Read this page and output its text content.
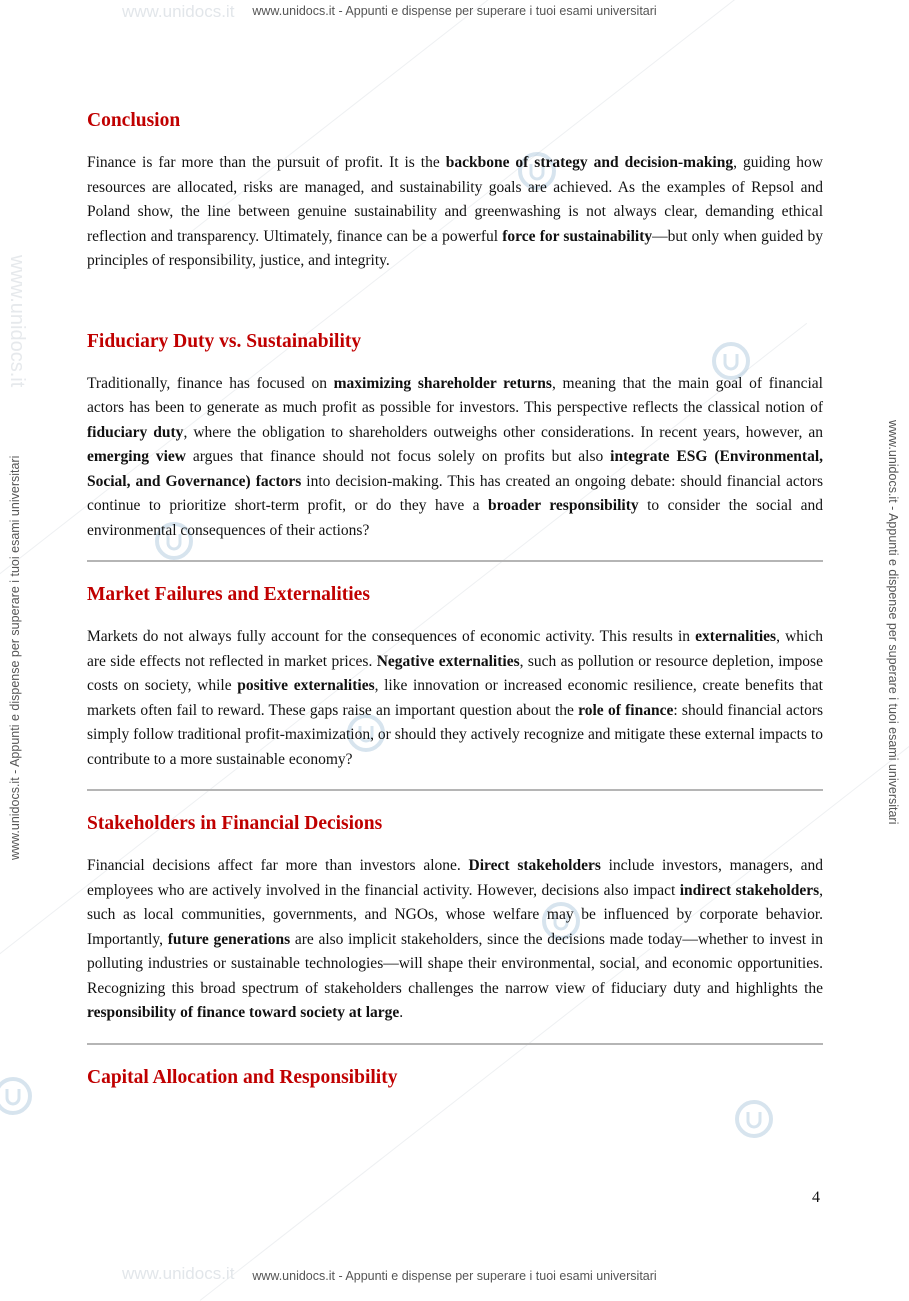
www.unidocs.it
www.unidocs.it
www.unidocs.it
www.unidocs.it - Appunti e dispense per superare i tuoi esami universitari
www.unidocs.it - Appunti e dispense per superare i tuoi esami universitari
www.unidocs.it - Appunti e dispense per superare i tuoi esami universitari	www.unidocs.it - Appunti e dispense per superare i tuoi esami universitari
Conclusion

Finance is far more than the pursuit of profit. It is the backbone of strategy and decision-making, guiding how resources are allocated, risks are managed, and sustainability goals are achieved. As the examples of Repsol and Poland show, the line between genuine sustainability and greenwashing is not always clear, demanding ethical reflection and transparency. Ultimately, finance can be a powerful force for sustainability—but only when guided by principles of responsibility, justice, and integrity.

Fiduciary Duty vs. Sustainability

Traditionally, finance has focused on maximizing shareholder returns, meaning that the main goal of financial actors has been to generate as much profit as possible for investors. This perspective reflects the classical notion of fiduciary duty, where the obligation to shareholders outweighs other considerations. In recent years, however, an emerging view argues that finance should not focus solely on profits but also integrate ESG (Environmental, Social, and Governance) factors into decision-making. This has created an ongoing debate: should financial actors continue to prioritize short-term profit, or do they have a broader responsibility to consider the social and environmental consequences of their actions?

Market Failures and Externalities

Markets do not always fully account for the consequences of economic activity. This results in externalities, which are side effects not reflected in market prices. Negative externalities, such as pollution or resource depletion, impose costs on society, while positive externalities, like innovation or increased economic resilience, create benefits that markets often fail to reward. These gaps raise an important question about the role of finance: should financial actors simply follow traditional profit-maximization, or should they actively recognize and mitigate these external impacts to contribute to a more sustainable economy?

Stakeholders in Financial Decisions

Financial decisions affect far more than investors alone. Direct stakeholders include investors, managers, and employees who are actively involved in the financial activity. However, decisions also impact indirect stakeholders, such as local communities, governments, and NGOs, whose welfare may be influenced by corporate behavior. Importantly, future generations are also implicit stakeholders, since the decisions made today—whether to invest in polluting industries or sustainable technologies—will shape their environmental, social, and economic opportunities. Recognizing this broad spectrum of stakeholders challenges the narrow view of fiduciary duty and highlights the responsibility of finance toward society at large.

Capital Allocation and Responsibility
4
